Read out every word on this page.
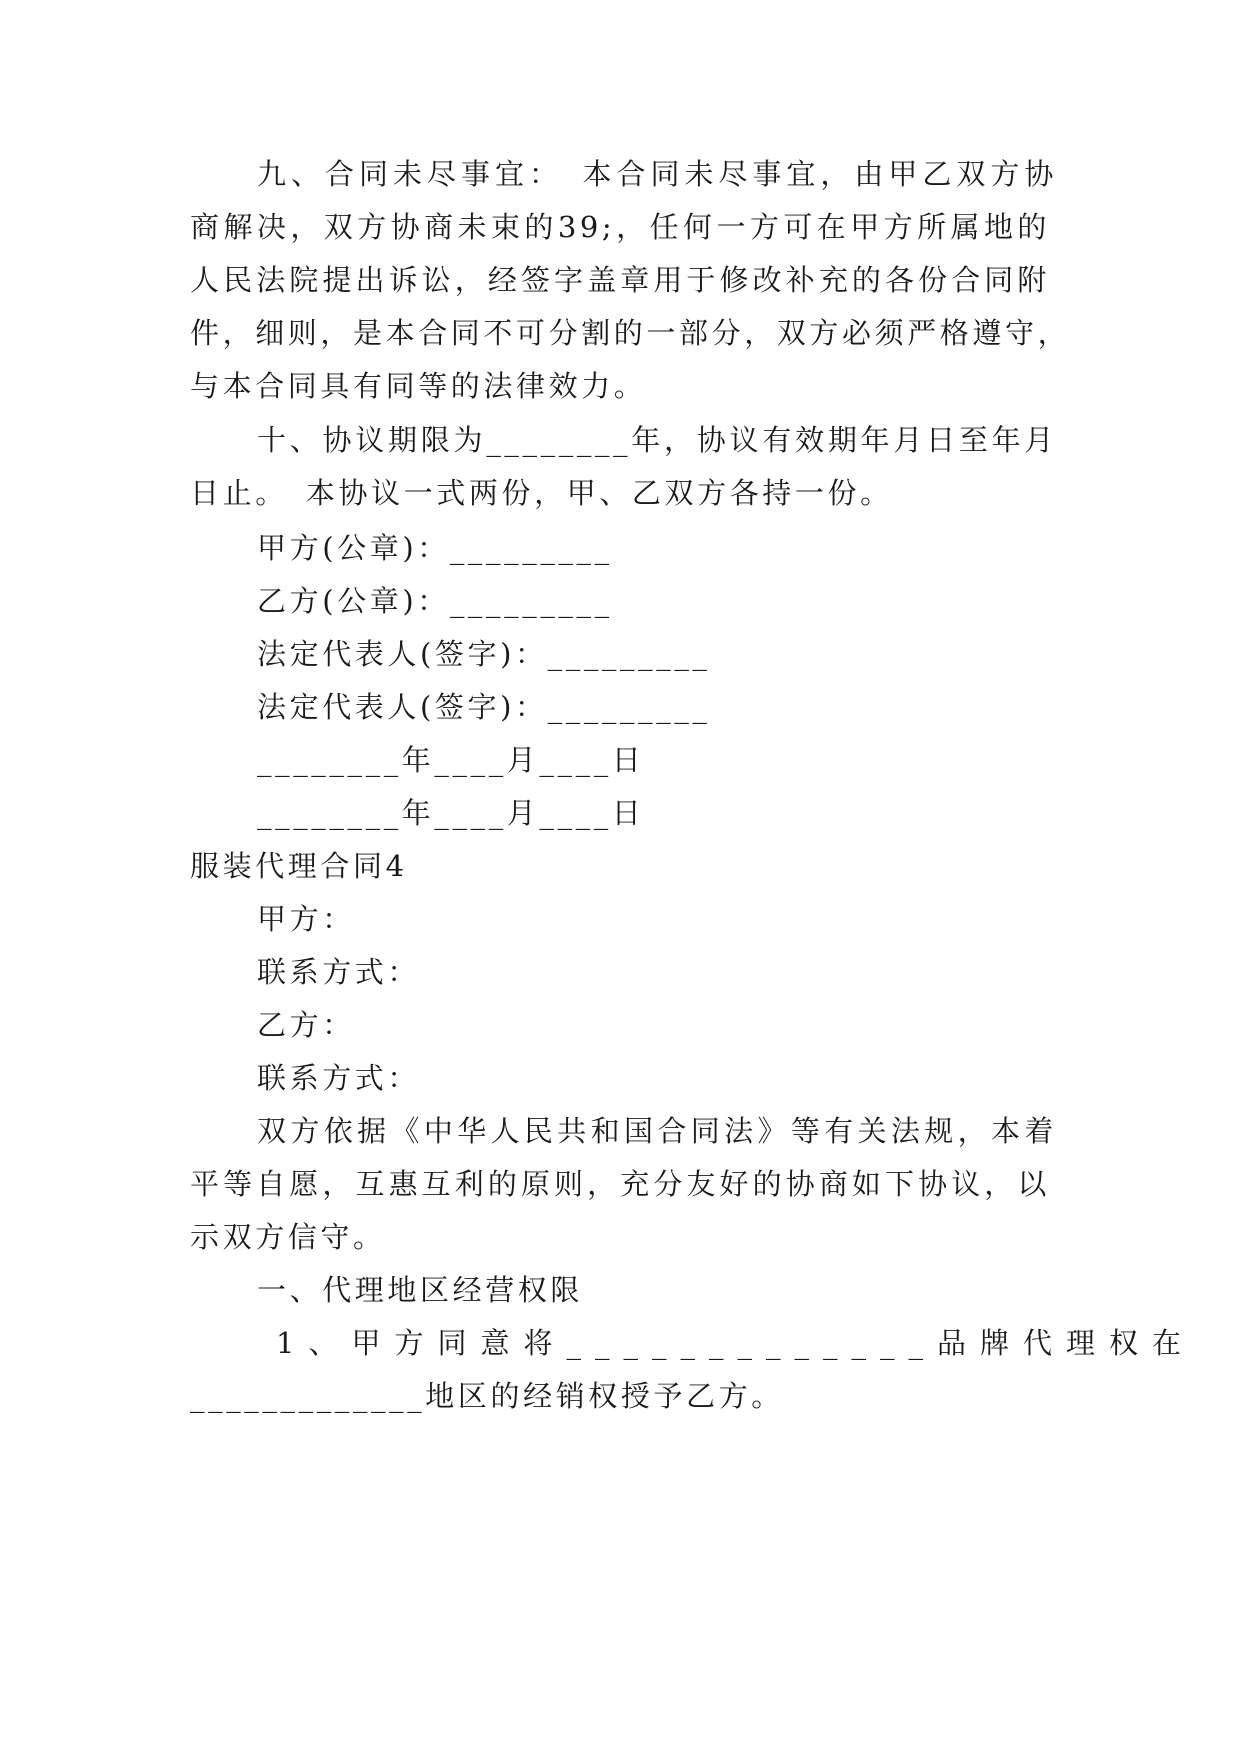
九、合同未尽事宜：　本合同未尽事宜，由甲乙双方协
商解决，双方协商未束的39;，任何一方可在甲方所属地的
人民法院提出诉讼，经签字盖章用于修改补充的各份合同附
件，细则，是本合同不可分割的一部分，双方必须严格遵守，
与本合同具有同等的法律效力。
十、协议期限为________年，协议有效期年月日至年月
日止。　本协议一式两份，甲、乙双方各持一份。
甲方(公章)：_________
乙方(公章)：_________
法定代表人(签字)：_________
法定代表人(签字)：_________
________年____月____日
________年____月____日
服装代理合同4
甲方：
联系方式：
乙方：
联系方式：
双方依据《中华人民共和国合同法》等有关法规，本着
平等自愿，互惠互利的原则，充分友好的协商如下协议，以
示双方信守。
一、代理地区经营权限
1、甲方同意将_____________品牌代理权在
_____________地区的经销权授予乙方。
